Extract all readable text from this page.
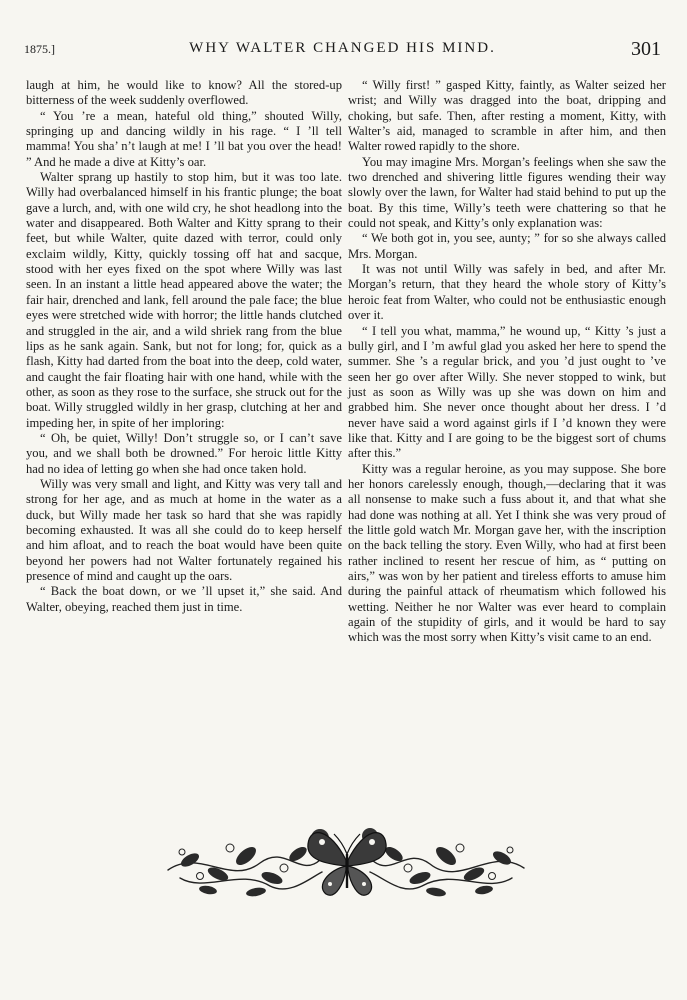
1875.]	WHY WALTER CHANGED HIS MIND.	301

laugh at him, he would like to know? All the stored-up bitterness of the week suddenly overflowed.

“ You ’re a mean, hateful old thing,” shouted Willy, springing up and dancing wildly in his rage. “ I ’ll tell mamma! You sha’ n’t laugh at me! I ’ll bat you over the head! ” And he made a dive at Kitty’s oar.

Walter sprang up hastily to stop him, but it was too late. Willy had overbalanced himself in his frantic plunge; the boat gave a lurch, and, with one wild cry, he shot headlong into the water and disappeared. Both Walter and Kitty sprang to their feet, but while Walter, quite dazed with terror, could only exclaim wildly, Kitty, quickly tossing off hat and sacque, stood with her eyes fixed on the spot where Willy was last seen. In an instant a little head appeared above the water; the fair hair, drenched and lank, fell around the pale face; the blue eyes were stretched wide with horror; the little hands clutched and struggled in the air, and a wild shriek rang from the blue lips as he sank again. Sank, but not for long; for, quick as a flash, Kitty had darted from the boat into the deep, cold water, and caught the fair floating hair with one hand, while with the other, as soon as they rose to the surface, she struck out for the boat. Willy struggled wildly in her grasp, clutching at her and impeding her, in spite of her imploring:

“ Oh, be quiet, Willy! Don’t struggle so, or I can’t save you, and we shall both be drowned.” For heroic little Kitty had no idea of letting go when she had once taken hold.

Willy was very small and light, and Kitty was very tall and strong for her age, and as much at home in the water as a duck, but Willy made her task so hard that she was rapidly becoming exhausted. It was all she could do to keep herself and him afloat, and to reach the boat would have been quite beyond her powers had not Walter fortunately regained his presence of mind and caught up the oars.

“ Back the boat down, or we ’ll upset it,” she said. And Walter, obeying, reached them just in time.

“ Willy first! ” gasped Kitty, faintly, as Walter seized her wrist; and Willy was dragged into the boat, dripping and choking, but safe. Then, after resting a moment, Kitty, with Walter’s aid, managed to scramble in after him, and then Walter rowed rapidly to the shore.

You may imagine Mrs. Morgan’s feelings when she saw the two drenched and shivering little figures wending their way slowly over the lawn, for Walter had staid behind to put up the boat. By this time, Willy’s teeth were chattering so that he could not speak, and Kitty’s only explanation was:

“ We both got in, you see, aunty; ” for so she always called Mrs. Morgan.

It was not until Willy was safely in bed, and after Mr. Morgan’s return, that they heard the whole story of Kitty’s heroic feat from Walter, who could not be enthusiastic enough over it.

“ I tell you what, mamma,” he wound up, “ Kitty ’s just a bully girl, and I ’m awful glad you asked her here to spend the summer. She ’s a regular brick, and you ’d just ought to ’ve seen her go over after Willy. She never stopped to wink, but just as soon as Willy was up she was down on him and grabbed him. She never once thought about her dress. I ’d never have said a word against girls if I ’d known they were like that. Kitty and I are going to be the biggest sort of chums after this.”

Kitty was a regular heroine, as you may suppose. She bore her honors carelessly enough, though,—declaring that it was all nonsense to make such a fuss about it, and that what she had done was nothing at all. Yet I think she was very proud of the little gold watch Mr. Morgan gave her, with the inscription on the back telling the story. Even Willy, who had at first been rather inclined to resent her rescue of him, as “ putting on airs,” was won by her patient and tireless efforts to amuse him during the painful attack of rheumatism which followed his wetting. Neither he nor Walter was ever heard to complain again of the stupidity of girls, and it would be hard to say which was the most sorry when Kitty’s visit came to an end.
